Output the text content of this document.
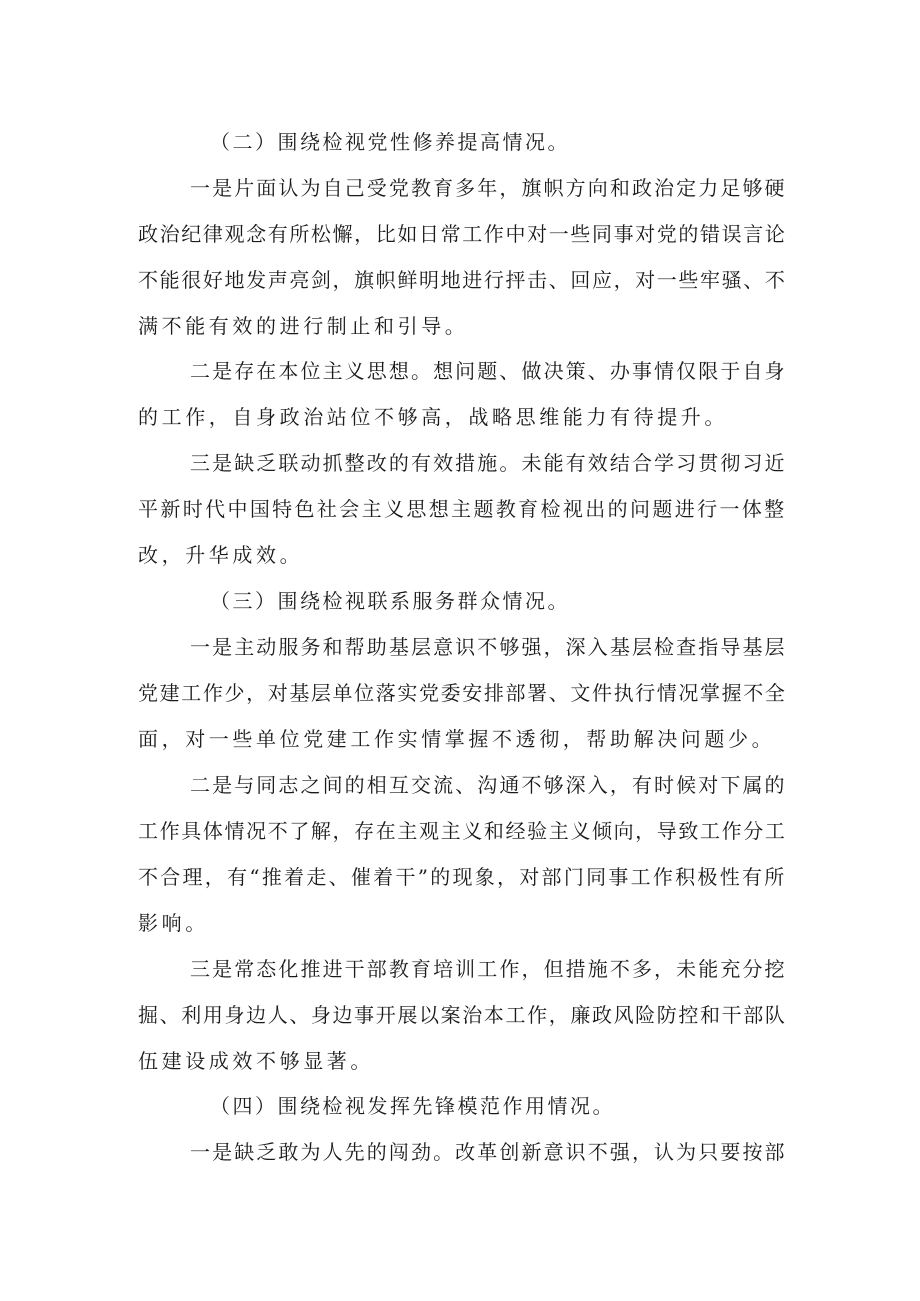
（二）围绕检视党性修养提高情况。

一是片面认为自己受党教育多年，旗帜方向和政治定力足够硬
政治纪律观念有所松懈，比如日常工作中对一些同事对党的错误言论
不能很好地发声亮剑，旗帜鲜明地进行抨击、回应，对一些牢骚、不
满不能有效的进行制止和引导。
二是存在本位主义思想。想问题、做决策、办事情仅限于自身
的工作，自身政治站位不够高，战略思维能力有待提升。
三是缺乏联动抓整改的有效措施。未能有效结合学习贯彻习近
平新时代中国特色社会主义思想主题教育检视出的问题进行一体整
改，升华成效。

（三）围绕检视联系服务群众情况。

一是主动服务和帮助基层意识不够强，深入基层检查指导基层
党建工作少，对基层单位落实党委安排部署、文件执行情况掌握不全
面，对一些单位党建工作实情掌握不透彻，帮助解决问题少。
二是与同志之间的相互交流、沟通不够深入，有时候对下属的
工作具体情况不了解，存在主观主义和经验主义倾向，导致工作分工
不合理，有“推着走、催着干”的现象，对部门同事工作积极性有所
影响。
三是常态化推进干部教育培训工作，但措施不多，未能充分挖
掘、利用身边人、身边事开展以案治本工作，廉政风险防控和干部队
伍建设成效不够显著。

（四）围绕检视发挥先锋模范作用情况。

一是缺乏敢为人先的闯劲。改革创新意识不强，认为只要按部
